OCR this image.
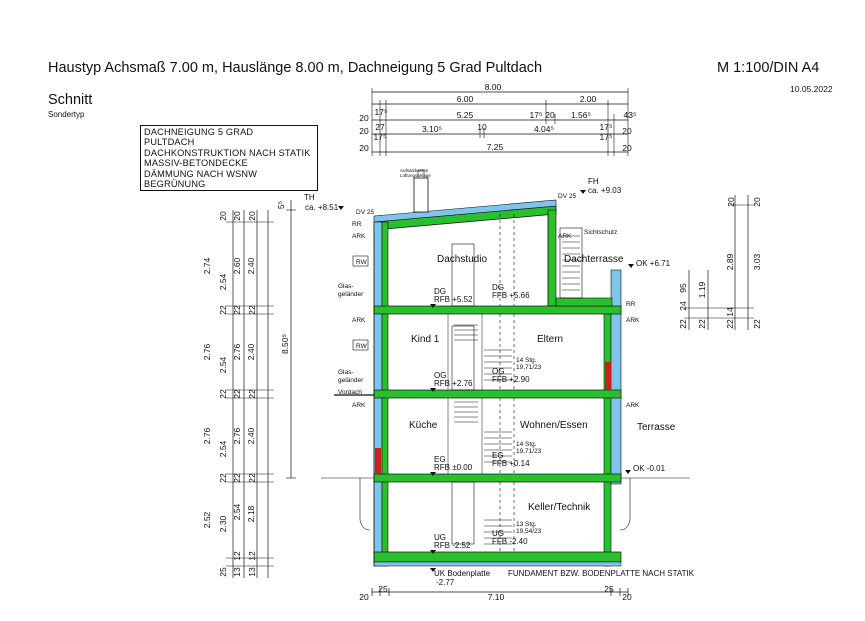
Haustyp Achsmaß 7.00 m, Hauslänge 8.00 m, Dachneigung 5 Grad Pultdach	M 1:100/DIN A4
10.05.2022
Schnitt
Sondertyp
DACHNEIGUNG 5 GRAD
PULTDACH
DACHKONSTRUKTION NACH STATIK
MASSIV-BETONDECKE
DÄMMUNG NACH WSNW
BEGRÜNUNG
8.00
20
17⁵
6.00	2.00
43⁵
20 27
5.25	17⁵ 20 1.56⁵
17⁵ 20
20
17⁵
3.10⁵	10	4.04⁵
17⁵
20
7.25
20
25
7.10
25
20
20
2.74
22
2.76
22
2.76
22
2.52
25
2.54
2.54
2.54
2.30
20
2.60
22
2.76
22
2.76
22
2.54
12
13
20
2.40
22
2.40
22
2.40
22
2.18
12
13
5⁵
8.50⁵
20
2.89
14
22
20
3.03
22
95
24
22
1.19
22
Dachstudio	Dachterrasse
Kind 1	Eltern
Küche	Wohnen/Essen
Keller/Technik
Terrasse
TH
ca. +8.51
FH
ca. +9.03
OK +6.71
DG
RFB +5.52
DG
FFB +5.66
OG
RFB +2.76
OG
FFB +2.90
EG
RFB ±0.00
EG
FFB +0.14
UG
RFB -2.52
UG
FFB -2.40
OK -0.01
UK Bodenplatte
-2.77
FUNDAMENT BZW. BODENPLATTE NACH STATIK
DV 25
DV 25
RR
RR
ARK
ARK
ARK
ARK
ARK
ARK
RW
RW
Glas-
geländer
Glas-
geländer
Vordach
Sichtschutz
Aufsatzkasten
Lüftungsanlage
14 Stg.
19,71/23
14 Stg.
19,71/23
13 Stg.
19,54/23
